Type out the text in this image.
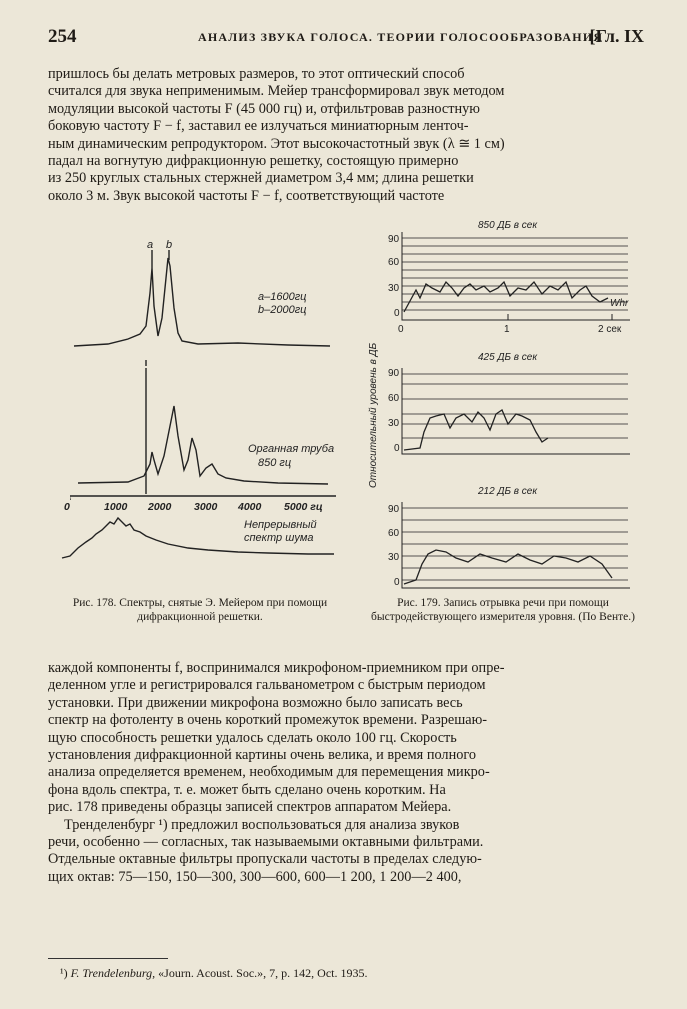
254	АНАЛИЗ ЗВУКА ГОЛОСА. ТЕОРИИ ГОЛОСООБРАЗОВАНИЯ
[Гл. IX

пришлось бы делать метровых размеров, то этот оптический способ

считался для звука неприменимым. Мейер трансформировал звук методом

модуляции высокой частоты F (45 000 гц) и, отфильтровав разностную

боковую частоту F − f, заставил ее излучаться миниатюрным ленточ-

ным динамическим репродуктором. Этот высокочастотный звук (λ ≅ 1 см)

падал на вогнутую дифракционную решетку, состоящую примерно

из 250 круглых стальных стержней диаметром 3,4 мм; длина решетки

около 3 м. Звук высокой частоты F − f, соответствующий частоте

a b
a–1600гц
b–2000гц
Органная труба
850 гц
Непрерывный
спектр шума
0	1000 2000 3000 4000 5000 гц
Рис. 178. Спектры, снятые Э. Мейером при помощи дифракционной решетки.
850 ДБ в сек
425 ДБ в сек
212 ДБ в сек
Относительный уровень в ДБ
Whr
90
60
30
0
0	1	2 сек
90
60
30
0
90
60
30
0
Рис. 179. Запись отрывка речи при помощи быстродействующего измерителя уровня. (По Венте.)

каждой компоненты f, воспринимался микрофоном-приемником при опре-

деленном угле и регистрировался гальванометром с быстрым периодом

установки. При движении микрофона возможно было записать весь

спектр на фотоленту в очень короткий промежуток времени. Разрешаю-

щую способность решетки удалось сделать около 100 гц. Скорость

установления дифракционной картины очень велика, и время полного

анализа определяется временем, необходимым для перемещения микро-

фона вдоль спектра, т. е. может быть сделано очень коротким. На

рис. 178 приведены образцы записей спектров аппаратом Мейера.

Тренделенбург ¹) предложил воспользоваться для анализа звуков

речи, особенно — согласных, так называемыми октавными фильтрами.

Отдельные октавные фильтры пропускали частоты в пределах следую-

щих октав: 75—150, 150—300, 300—600, 600—1 200, 1 200—2 400,

¹) F. Trendelenburg, «Journ. Acoust. Soc.», 7, p. 142, Oct. 1935.
